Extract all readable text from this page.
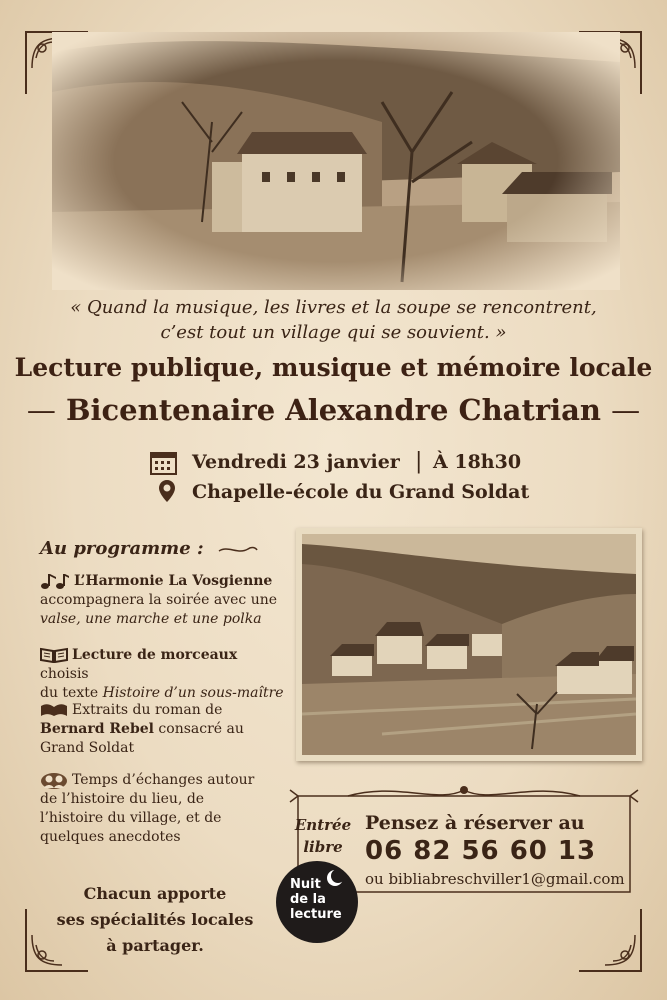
« Quand la musique, les livres et la soupe se rencontrent,
c’est tout un village qui se souvient. »
Lecture publique, musique et mémoire locale
— Bicentenaire Alexandre Chatrian —
Vendredi 23 janvier | À 18h30
Chapelle-école du Grand Soldat
Au programme :
L’Harmonie La Vosgienne
accompagnera la soirée avec une
valse, une marche et une polka
Lecture de morceaux choisis
du texte Histoire d’un sous-maître
Extraits du roman de
Bernard Rebel consacré au
Grand Soldat
Temps d’échanges autour
de l’histoire du lieu, de
l’histoire du village, et de
quelques anecdotes
Entrée
libre
Pensez à réserver au
06 82 56 60 13
ou bibliabreschviller1@gmail.com
Nuit
de la
lecture
Chacun apporte
ses spécialités locales
à partager.
